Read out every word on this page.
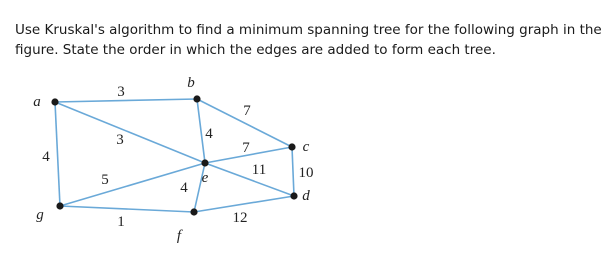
Use Kruskal's algorithm to find a minimum spanning tree for the following graph in the
figure. State the order in which the edges are added to form each tree.

3
3
4
7
4
7
11
5	4
1	12
10
a
b
c
d
e
f
g
